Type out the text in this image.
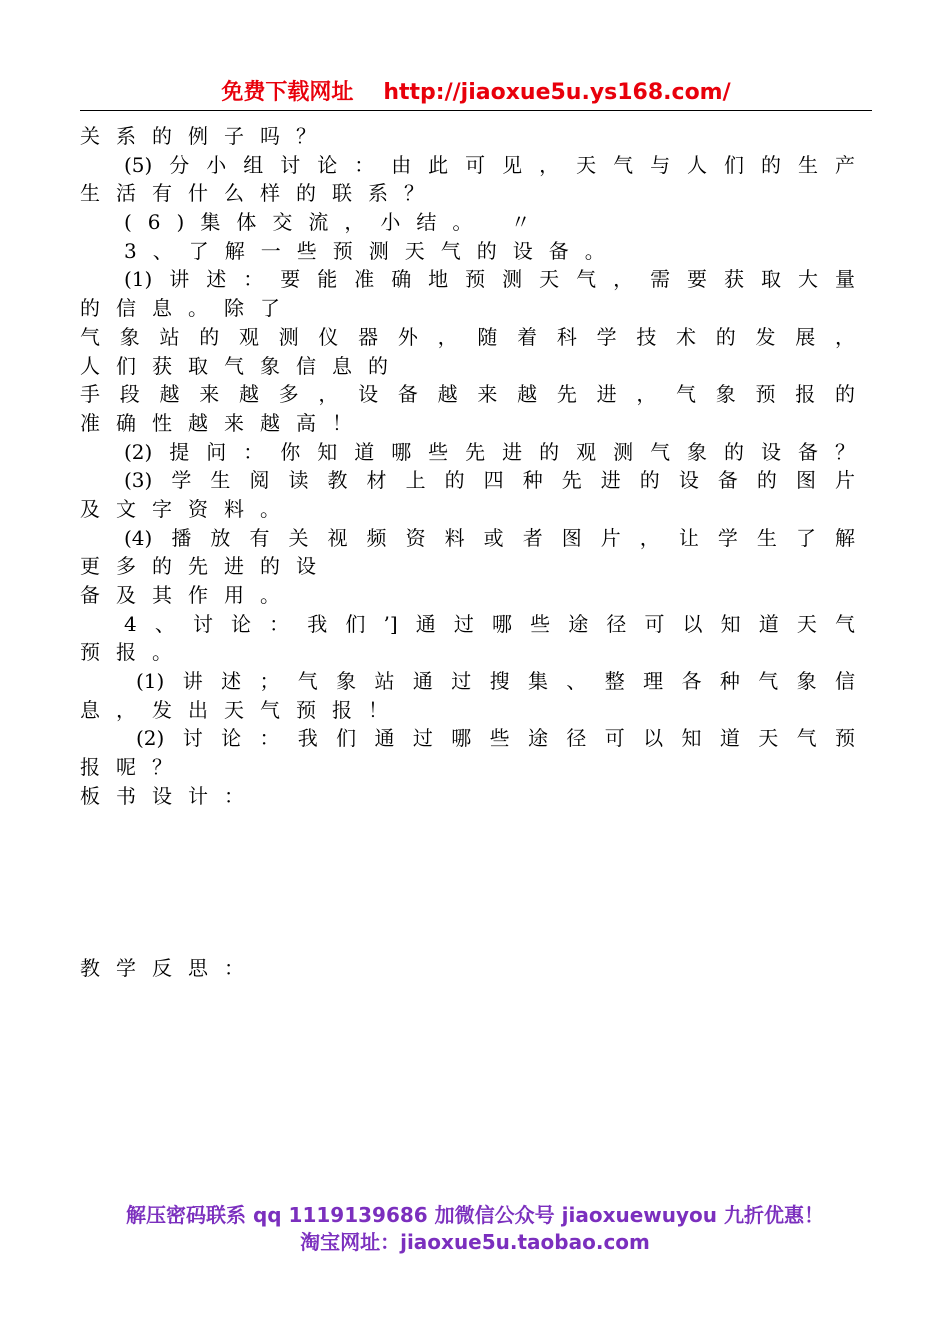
免费下载网址 http://jiaoxue5u.ys168.com/
关系的例子吗？
(5)分小组讨论：由此可见，天气与人们的生产
生活有什么样的联系？
(6)集体交流，小结。 〃
3、了解一些预测天气的设备。
(1)讲述：要能准确地预测天气，需要获取大量
的信息。除了
气象站的观测仪器外，随着科学技术的发展，
人们获取气象信息的
手段越来越多，设备越来越先进，气象预报的
准确性越来越高！
(2)提问：你知道哪些先进的观测气象的设备？
(3)学生阅读教材上的四种先进的设备的图片
及文字资料。
(4)播放有关视频资料或者图片，让学生了解
更多的先进的设
备及其作用。
4、讨论：我们’]通过哪些途径可以知道天气
预报。
(1)讲述；气象站通过搜集、整理各种气象信
息，发出天气预报！
(2)讨论：我们通过哪些途径可以知道天气预
报呢？
板书设计：
教学反思：
解压密码联系 qq 1119139686 加微信公众号 jiaoxuewuyou 九折优惠！
淘宝网址：jiaoxue5u.taobao.com
